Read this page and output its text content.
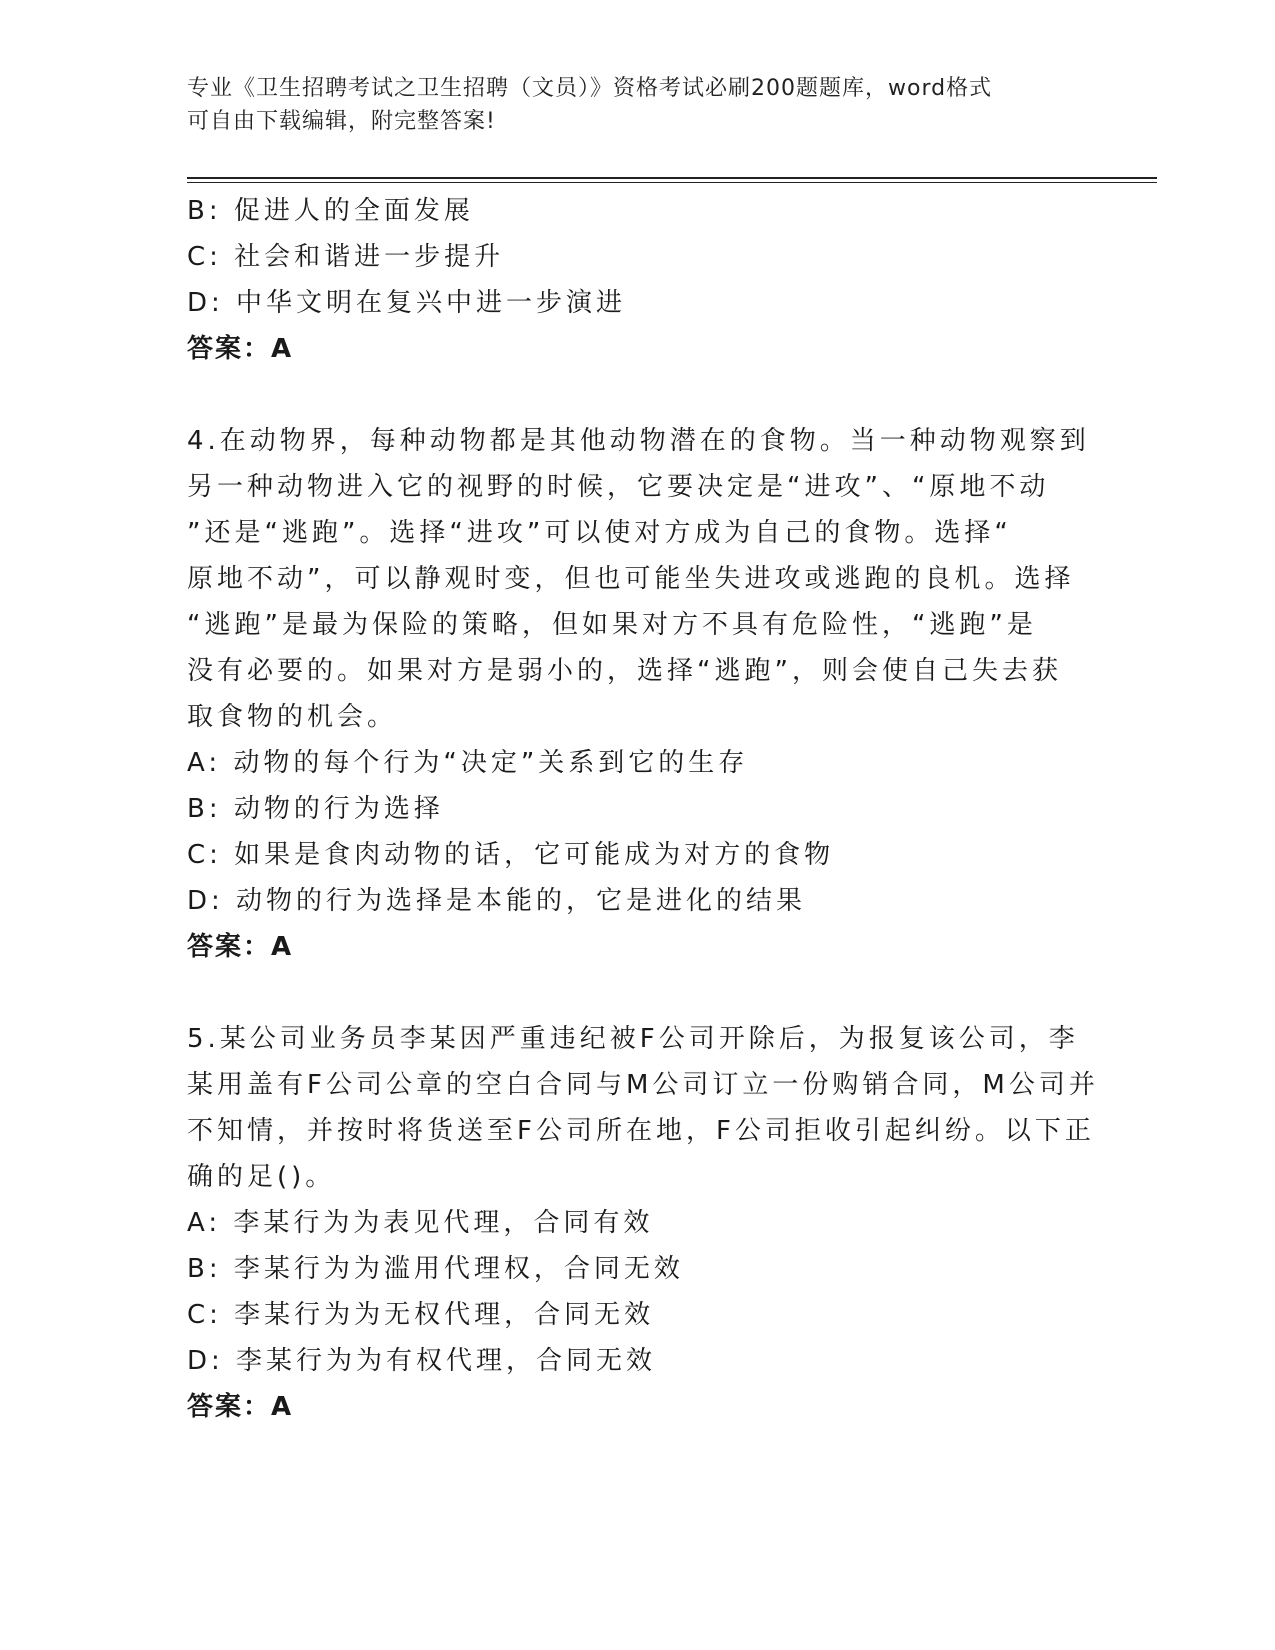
专业《卫生招聘考试之卫生招聘（文员）》资格考试必刷200题题库，word格式
可自由下载编辑，附完整答案!
B: 促进人的全面发展
C: 社会和谐进一步提升
D: 中华文明在复兴中进一步演进
答案：A
4.在动物界，每种动物都是其他动物潜在的食物。当一种动物观察到
另一种动物进入它的视野的时候，它要决定是“进攻”、“原地不动
”还是“逃跑”。选择“进攻”可以使对方成为自己的食物。选择“
原地不动”，可以静观时变，但也可能坐失进攻或逃跑的良机。选择
“逃跑”是最为保险的策略，但如果对方不具有危险性，“逃跑”是
没有必要的。如果对方是弱小的，选择“逃跑”，则会使自己失去获
取食物的机会。
A: 动物的每个行为“决定”关系到它的生存
B: 动物的行为选择
C: 如果是食肉动物的话，它可能成为对方的食物
D: 动物的行为选择是本能的，它是进化的结果
答案：A
5.某公司业务员李某因严重违纪被F公司开除后，为报复该公司，李
某用盖有F公司公章的空白合同与M公司订立一份购销合同，M公司并
不知情，并按时将货送至F公司所在地，F公司拒收引起纠纷。以下正
确的足()。
A: 李某行为为表见代理，合同有效
B: 李某行为为滥用代理权，合同无效
C: 李某行为为无权代理，合同无效
D: 李某行为为有权代理，合同无效
答案：A
